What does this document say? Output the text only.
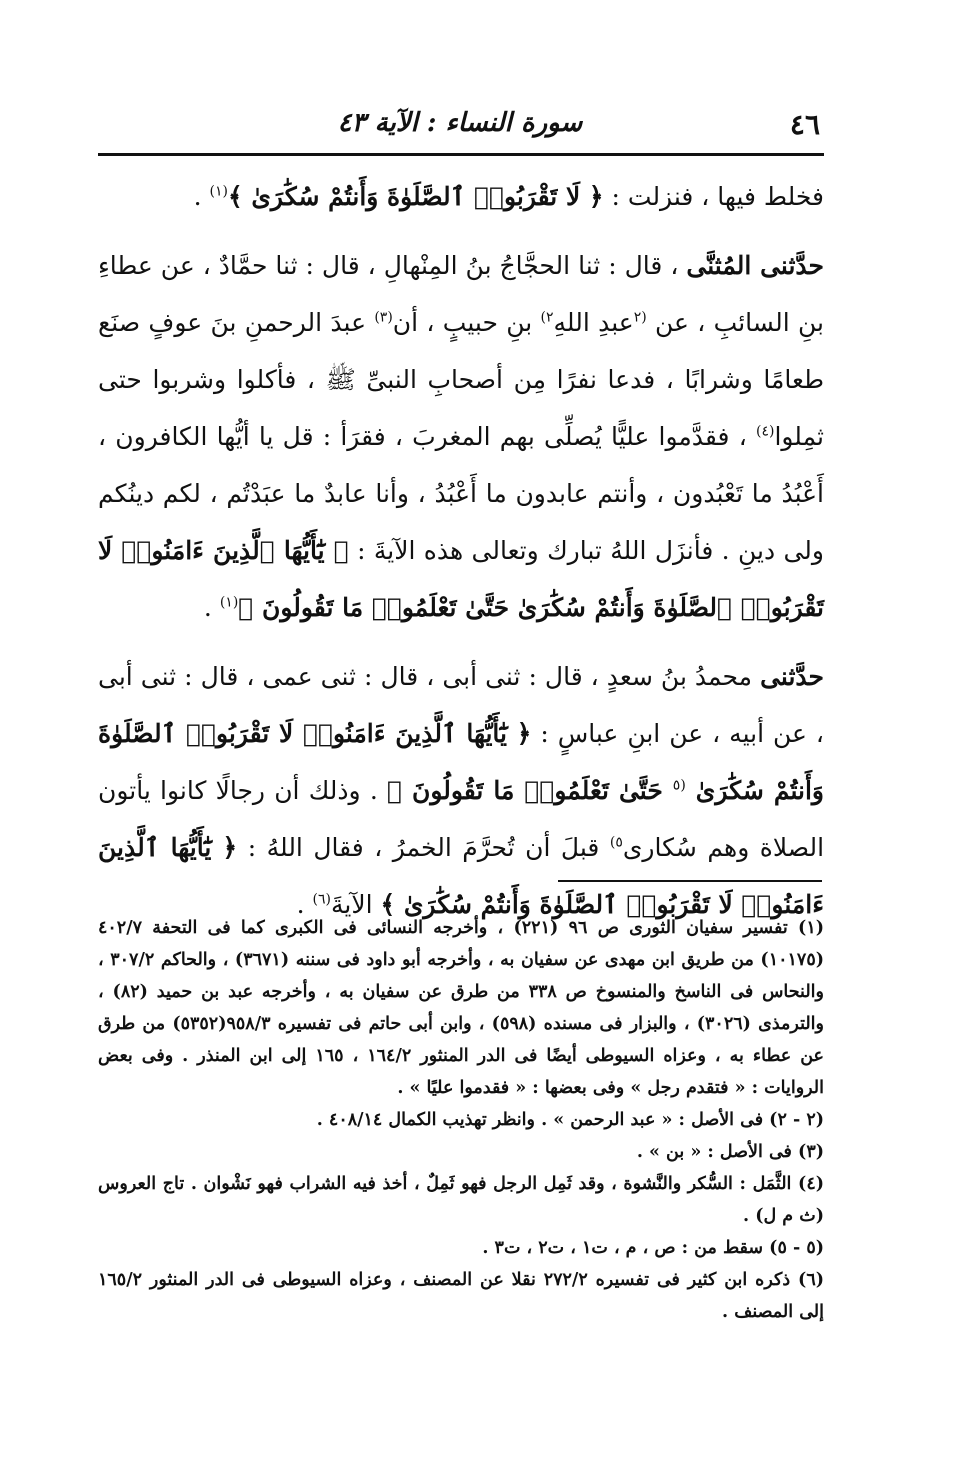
٤٦
سورة النساء : الآية ٤٣

فخلط فيها ، فنزلت : ﴿ لَا تَقْرَبُوا۟ ٱلصَّلَوٰةَ وَأَنتُمْ سُكَٰرَىٰ ﴾$^{(١)}$ .

حدَّثنى المُثنَّى ، قال : ثنا الحجَّاجُ بنُ المِنْهالِ ، قال : ثنا حمَّادٌ ، عن عطاءِ بنِ السائبِ ، عن $^{(٢}$عبدِ اللهِ$^{٢)}$ بنِ حبيبٍ ، أن$^{(٣)}$ عبدَ الرحمنِ بنَ عوفٍ صنَع طعامًا وشرابًا ، فدعا نفرًا مِن أصحابِ النبىِّ ﷺ ، فأكلوا وشربوا حتى ثمِلوا$^{(٤)}$ ، فقدَّموا عليًّا يُصلِّى بهم المغربَ ، فقرَأ : قل يا أيُّها الكافرون ، أَعْبُدُ ما تَعْبُدون ، وأنتم عابدون ما أَعْبُدُ ، وأنا عابدٌ ما عبَدْتُم ، لكم دينُكم ولى دينِ . فأنزَل اللهُ تبارك وتعالى هذه الآيةَ : ﴿ يَٰٓأَيُّهَا ٱلَّذِينَ ءَامَنُوا۟ لَا تَقْرَبُوا۟ ٱلصَّلَوٰةَ وَأَنتُمْ سُكَٰرَىٰ حَتَّىٰ تَعْلَمُوا۟ مَا تَقُولُونَ ﴾$^{(١)}$ .

حدَّثنى محمدُ بنُ سعدٍ ، قال : ثنى أبى ، قال : ثنى عمى ، قال : ثنى أبى ، عن أبيه ، عن ابنِ عباسٍ : ﴿ يَٰٓأَيُّهَا ٱلَّذِينَ ءَامَنُوا۟ لَا تَقْرَبُوا۟ ٱلصَّلَوٰةَ وَأَنتُمْ سُكَٰرَىٰ $^{(٥}$ حَتَّىٰ تَعْلَمُوا۟ مَا تَقُولُونَ ﴾ . وذلك أن رجالًا كانوا يأتون الصلاة وهم سُكارى$^{٥)}$ قبلَ أن تُحرَّمَ الخمرُ ، فقال اللهُ : ﴿ يَٰٓأَيُّهَا ٱلَّذِينَ ءَامَنُوا۟ لَا تَقْرَبُوا۟ ٱلصَّلَوٰةَ وَأَنتُمْ سُكَٰرَىٰ ﴾ الآيةَ$^{(٦)}$ .

(١) تفسير سفيان الثورى ص ٩٦ (٢٢١) ، وأخرجه النسائى فى الكبرى كما فى التحفة ٤٠٢/٧ (١٠١٧٥) من طريق ابن مهدى عن سفيان به ، وأخرجه أبو داود فى سننه (٣٦٧١) ، والحاكم ٣٠٧/٢ ، والنحاس فى الناسخ والمنسوخ ص ٣٣٨ من طرق عن سفيان به ، وأخرجه عبد بن حميد (٨٢) ، والترمذى (٣٠٢٦) ، والبزار فى مسنده (٥٩٨) ، وابن أبى حاتم فى تفسيره ٩٥٨/٣(٥٣٥٢) من طرق عن عطاء به ، وعزاه السيوطى أيضًا فى الدر المنثور ١٦٤/٢ ، ١٦٥ إلى ابن المنذر . وفى بعض الروايات : « فتقدم رجل » وفى بعضها : « فقدموا عليًا » .

(٢ - ٢) فى الأصل : « عبد الرحمن » . وانظر تهذيب الكمال ٤٠٨/١٤ .

(٣) فى الأصل : « بن » .

(٤) الثَّمَل : السُّكر والنَّشوة ، وقد ثَمِل الرجل فهو ثَمِلٌ ، أخذ فيه الشراب فهو نَشْوان . تاج العروس (ث م ل) .

(٥ - ٥) سقط من : ص ، م ، ت١ ، ت٢ ، ت٣ .

(٦) ذكره ابن كثير فى تفسيره ٢٧٢/٢ نقلا عن المصنف ، وعزاه السيوطى فى الدر المنثور ١٦٥/٢ إلى المصنف .
